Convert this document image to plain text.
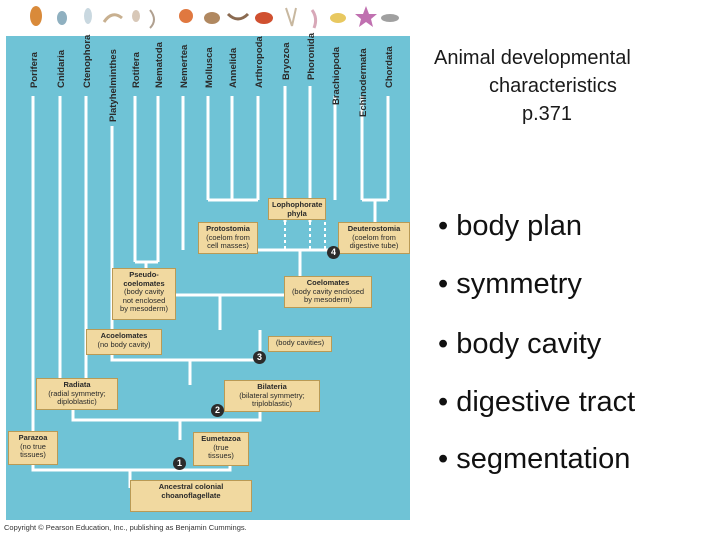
Porifera Cnidaria Ctenophora Platyhelminthes Rotifera Nematoda Nemertea Mollusca Annelida Arthropoda Bryozoa Phoronida Brachiopoda Echinodermata Chordata
Ancestral colonial choanoflagellate
Parazoa
(no true
tissues)
Eumetazoa
(true
tissues)
Radiata
(radial symmetry;
diploblastic)
Bilateria
(bilateral symmetry;
triploblastic)
Acoelomates
(no body cavity)	(body cavities)
Pseudo-
coelomates
(body cavity
not enclosed
by mesoderm)
Coelomates
(body cavity enclosed
by mesoderm)
Protostomia
(coelom from
cell masses)
Deuterostomia
(coelom from
digestive tube)
Lophophorate
phyla
1
2
3
4
Copyright © Pearson Education, Inc., publishing as Benjamin Cummings.
Animal developmental
characteristics
p.371
• body plan
• symmetry
• body cavity
• digestive tract
• segmentation
